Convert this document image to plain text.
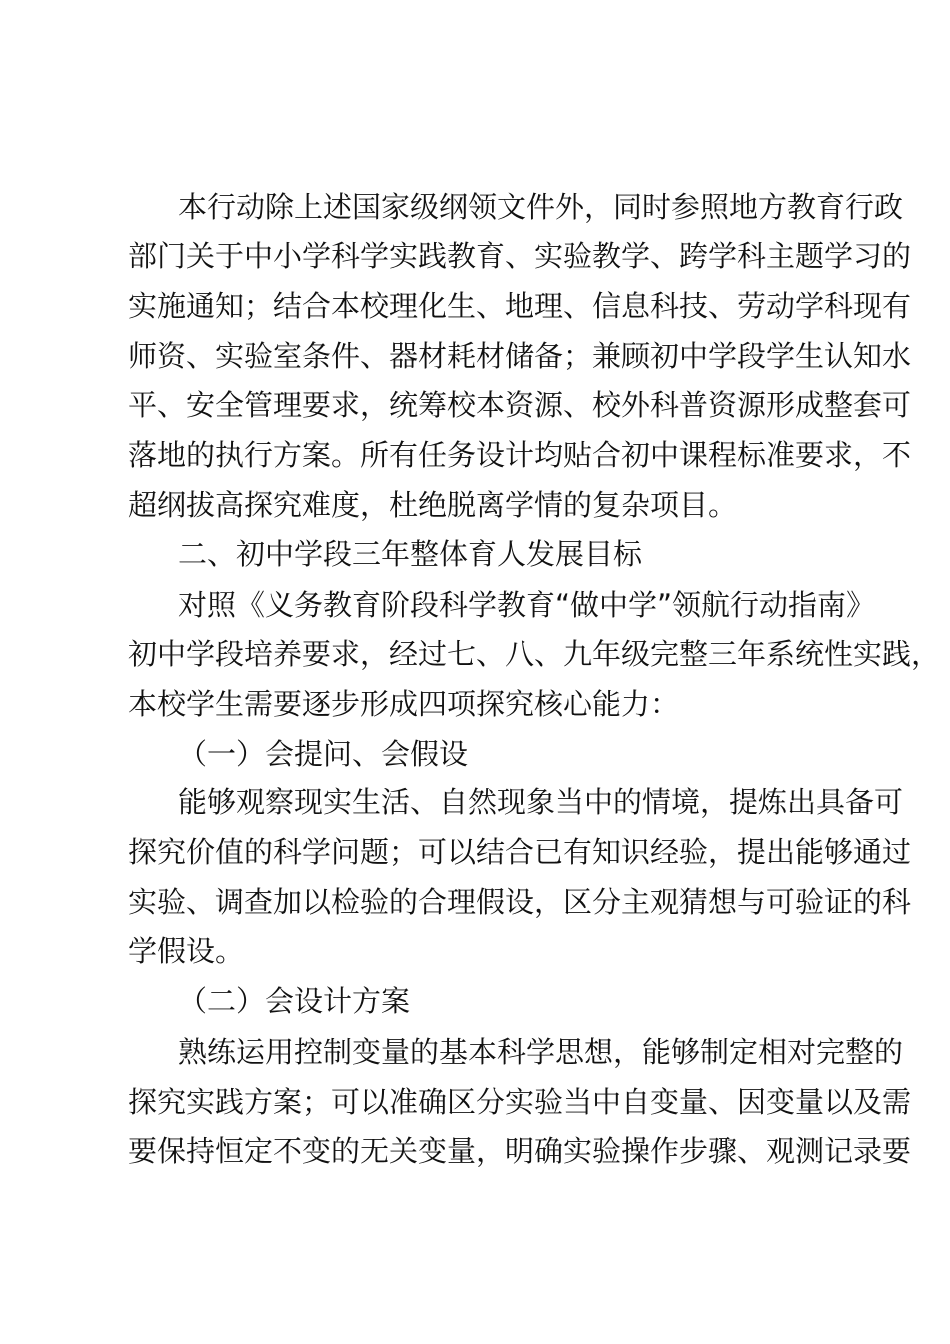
本行动除上述国家级纲领文件外，同时参照地方教育行政
部门关于中小学科学实践教育、实验教学、跨学科主题学习的
实施通知；结合本校理化生、地理、信息科技、劳动学科现有
师资、实验室条件、器材耗材储备；兼顾初中学段学生认知水
平、安全管理要求，统筹校本资源、校外科普资源形成整套可
落地的执行方案。所有任务设计均贴合初中课程标准要求，不
超纲拔高探究难度，杜绝脱离学情的复杂项目。
二、初中学段三年整体育人发展目标
对照《义务教育阶段科学教育“做中学”领航行动指南》
初中学段培养要求，经过七、八、九年级完整三年系统性实践，
本校学生需要逐步形成四项探究核心能力：
（一）会提问、会假设
能够观察现实生活、自然现象当中的情境，提炼出具备可
探究价值的科学问题；可以结合已有知识经验，提出能够通过
实验、调查加以检验的合理假设，区分主观猜想与可验证的科
学假设。
（二）会设计方案
熟练运用控制变量的基本科学思想，能够制定相对完整的
探究实践方案；可以准确区分实验当中自变量、因变量以及需
要保持恒定不变的无关变量，明确实验操作步骤、观测记录要
